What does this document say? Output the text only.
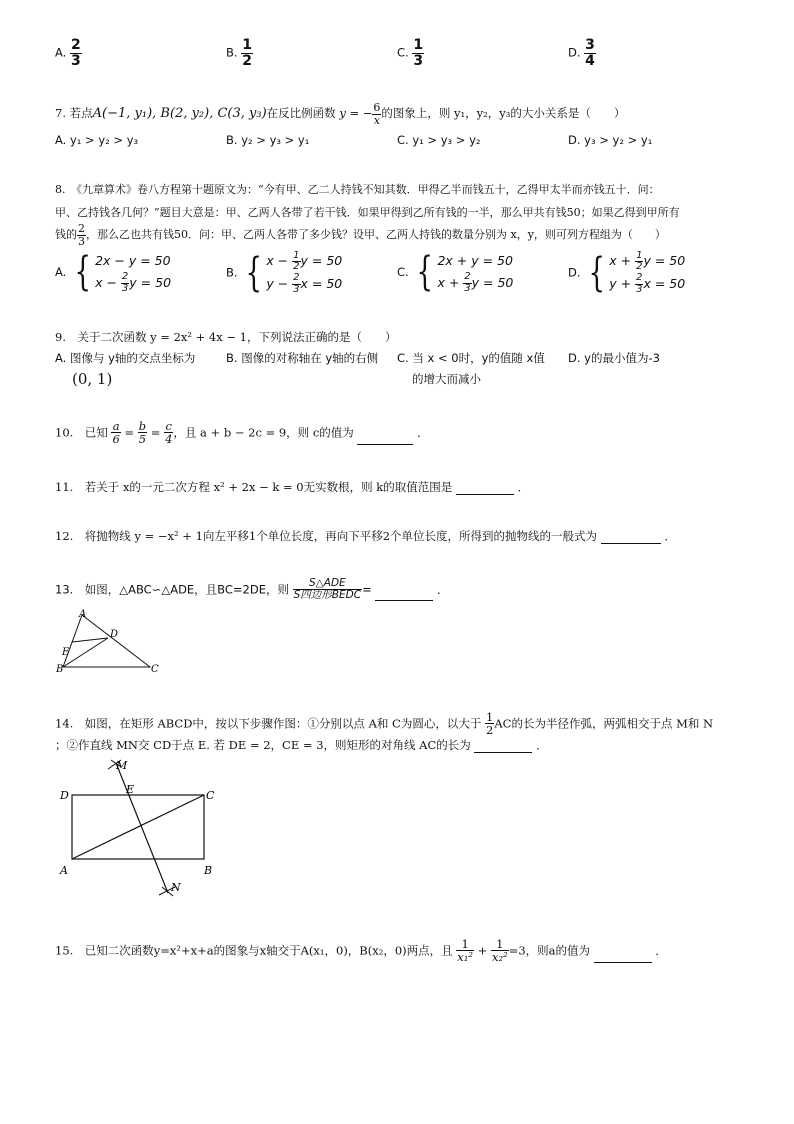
A. $\frac{2}{3}$	B. $\frac{1}{2}$	C. $\frac{1}{3}$	D. $\frac{3}{4}$
7. 若点A(−1, y₁), B(2, y₂), C(3, y₃)在反比例函数 y = − $\frac{6}{x}$ 的图象上，则 y₁，y₂，y₃的大小关系是（　　）
A. y₁ > y₂ > y₃	B. y₂ > y₃ > y₁	C. y₁ > y₃ > y₂	D. y₃ > y₂ > y₁
8.　《九章算术》卷八方程第十题原文为：“今有甲、乙二人持钱不知其数．甲得乙半而钱五十，乙得甲太半而亦钱五十．问：
甲、乙持钱各几何？”题目大意是：甲、乙两人各带了若干钱．如果甲得到乙所有钱的一半，那么甲共有钱50；如果乙得到甲所有
钱的 $\frac{2}{3}$ ，那么乙也共有钱50．问：甲、乙两人各带了多少钱？设甲、乙两人持钱的数量分别为 x，y，则可列方程组为（　　）
A. { 2x − y = 50
$x - \frac{2}{3}$ y = 50
B. { $x - \frac{1}{2}$ y = 50
$y - \frac{2}{3}$ x = 50
C. { 2x + y = 50
$x + \frac{2}{3}$ y = 50
D. { $x + \frac{1}{2}$ y = 50
$y + \frac{2}{3}$ x = 50
9.　关于二次函数 y = 2x² + 4x − 1，下列说法正确的是（　　）
A. 图像与 y轴的交点坐标为
(0, 1)
B. 图像的对称轴在 y轴的右侧 C. 当 x < 0时，y的值随 x值
的增大而减小
D. y的最小值为-3
10.　已知 $\frac{a}{6} = \frac{b}{5} = \frac{c}{4}$ ，且 a + b − 2c = 9，则 c的值为	．
11.　若关于 x的一元二次方程 x² + 2x − k = 0无实数根，则 k的取值范围是	．
12.　将抛物线 y = −x² + 1向左平移1个单位长度，再向下平移2个单位长度，所得到的抛物线的一般式为	．
13.　如图，△ABC∽△ADE，且BC=2DE，则 $\frac{\text{S△ADE}}{\text{S四边形BEDC}}$ =	．
A
D
E
B	C
14.　如图，在矩形 ABCD中，按以下步骤作图：①分别以点 A和 C为圆心，以大于 $\frac{1}{2}$ AC的长为半径作弧，两弧相交于点 M和 N
；②作直线 MN交 CD于点 E. 若 DE = 2，CE = 3，则矩形的对角线 AC的长为	．
M
D	E	C
A	B
N
15.　已知二次函数y=x²+x+a的图象与x轴交于A(x₁，0)，B(x₂，0)两点，且 $\frac{1}{\text{x₁²}} + \frac{1}{\text{x₂²}} =3$，则a的值为	．
